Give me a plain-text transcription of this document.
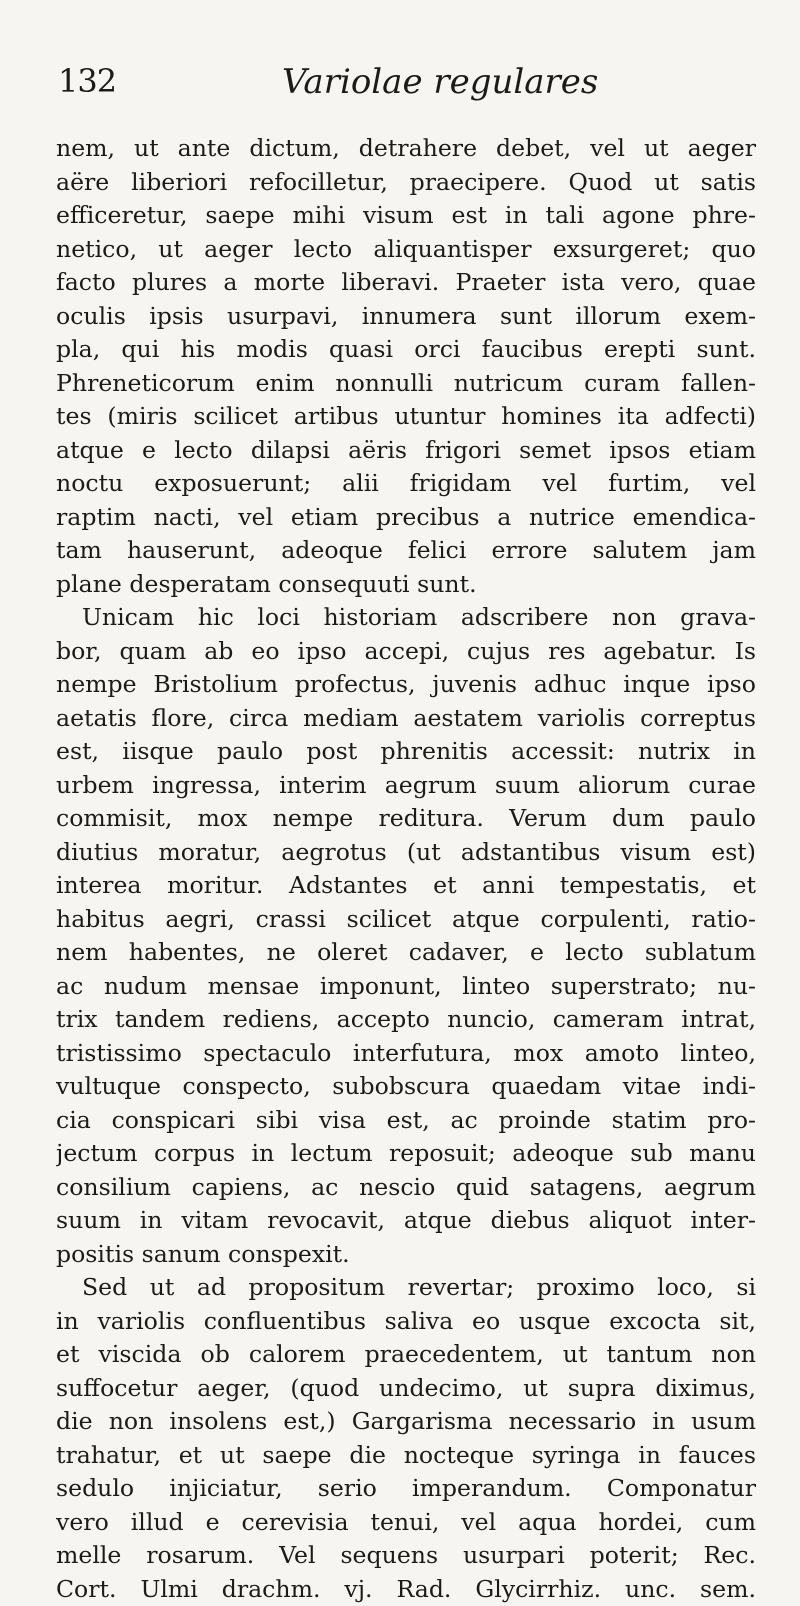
132	Variolae regulares
nem, ut ante dictum, detrahere debet, vel ut aeger
aëre liberiori refocilletur, praecipere. Quod ut satis
efficeretur, saepe mihi visum est in tali agone phre-
netico, ut aeger lecto aliquantisper exsurgeret; quo
facto plures a morte liberavi. Praeter ista vero, quae
oculis ipsis usurpavi, innumera sunt illorum exem-
pla, qui his modis quasi orci faucibus erepti sunt.
Phreneticorum enim nonnulli nutricum curam fallen-
tes (miris scilicet artibus utuntur homines ita adfecti)
atque e lecto dilapsi aëris frigori semet ipsos etiam
noctu exposuerunt; alii frigidam vel furtim, vel
raptim nacti, vel etiam precibus a nutrice emendica-
tam hauserunt, adeoque felici errore salutem jam
plane desperatam consequuti sunt.
Unicam hic loci historiam adscribere non grava-
bor, quam ab eo ipso accepi, cujus res agebatur. Is
nempe Bristolium profectus, juvenis adhuc inque ipso
aetatis flore, circa mediam aestatem variolis correptus
est, iisque paulo post phrenitis accessit: nutrix in
urbem ingressa, interim aegrum suum aliorum curae
commisit, mox nempe reditura. Verum dum paulo
diutius moratur, aegrotus (ut adstantibus visum est)
interea moritur. Adstantes et anni tempestatis, et
habitus aegri, crassi scilicet atque corpulenti, ratio-
nem habentes, ne oleret cadaver, e lecto sublatum
ac nudum mensae imponunt, linteo superstrato; nu-
trix tandem rediens, accepto nuncio, cameram intrat,
tristissimo spectaculo interfutura, mox amoto linteo,
vultuque conspecto, subobscura quaedam vitae indi-
cia conspicari sibi visa est, ac proinde statim pro-
jectum corpus in lectum reposuit; adeoque sub manu
consilium capiens, ac nescio quid satagens, aegrum
suum in vitam revocavit, atque diebus aliquot inter-
positis sanum conspexit.
Sed ut ad propositum revertar; proximo loco, si
in variolis confluentibus saliva eo usque excocta sit,
et viscida ob calorem praecedentem, ut tantum non
suffocetur aeger, (quod undecimo, ut supra diximus,
die non insolens est,) Gargarisma necessario in usum
trahatur, et ut saepe die nocteque syringa in fauces
sedulo injiciatur, serio imperandum. Componatur
vero illud e cerevisia tenui, vel aqua hordei, cum
melle rosarum. Vel sequens usurpari poterit; Rec.
Cort. Ulmi drachm. vj. Rad. Glycirrhiz. unc. sem.
